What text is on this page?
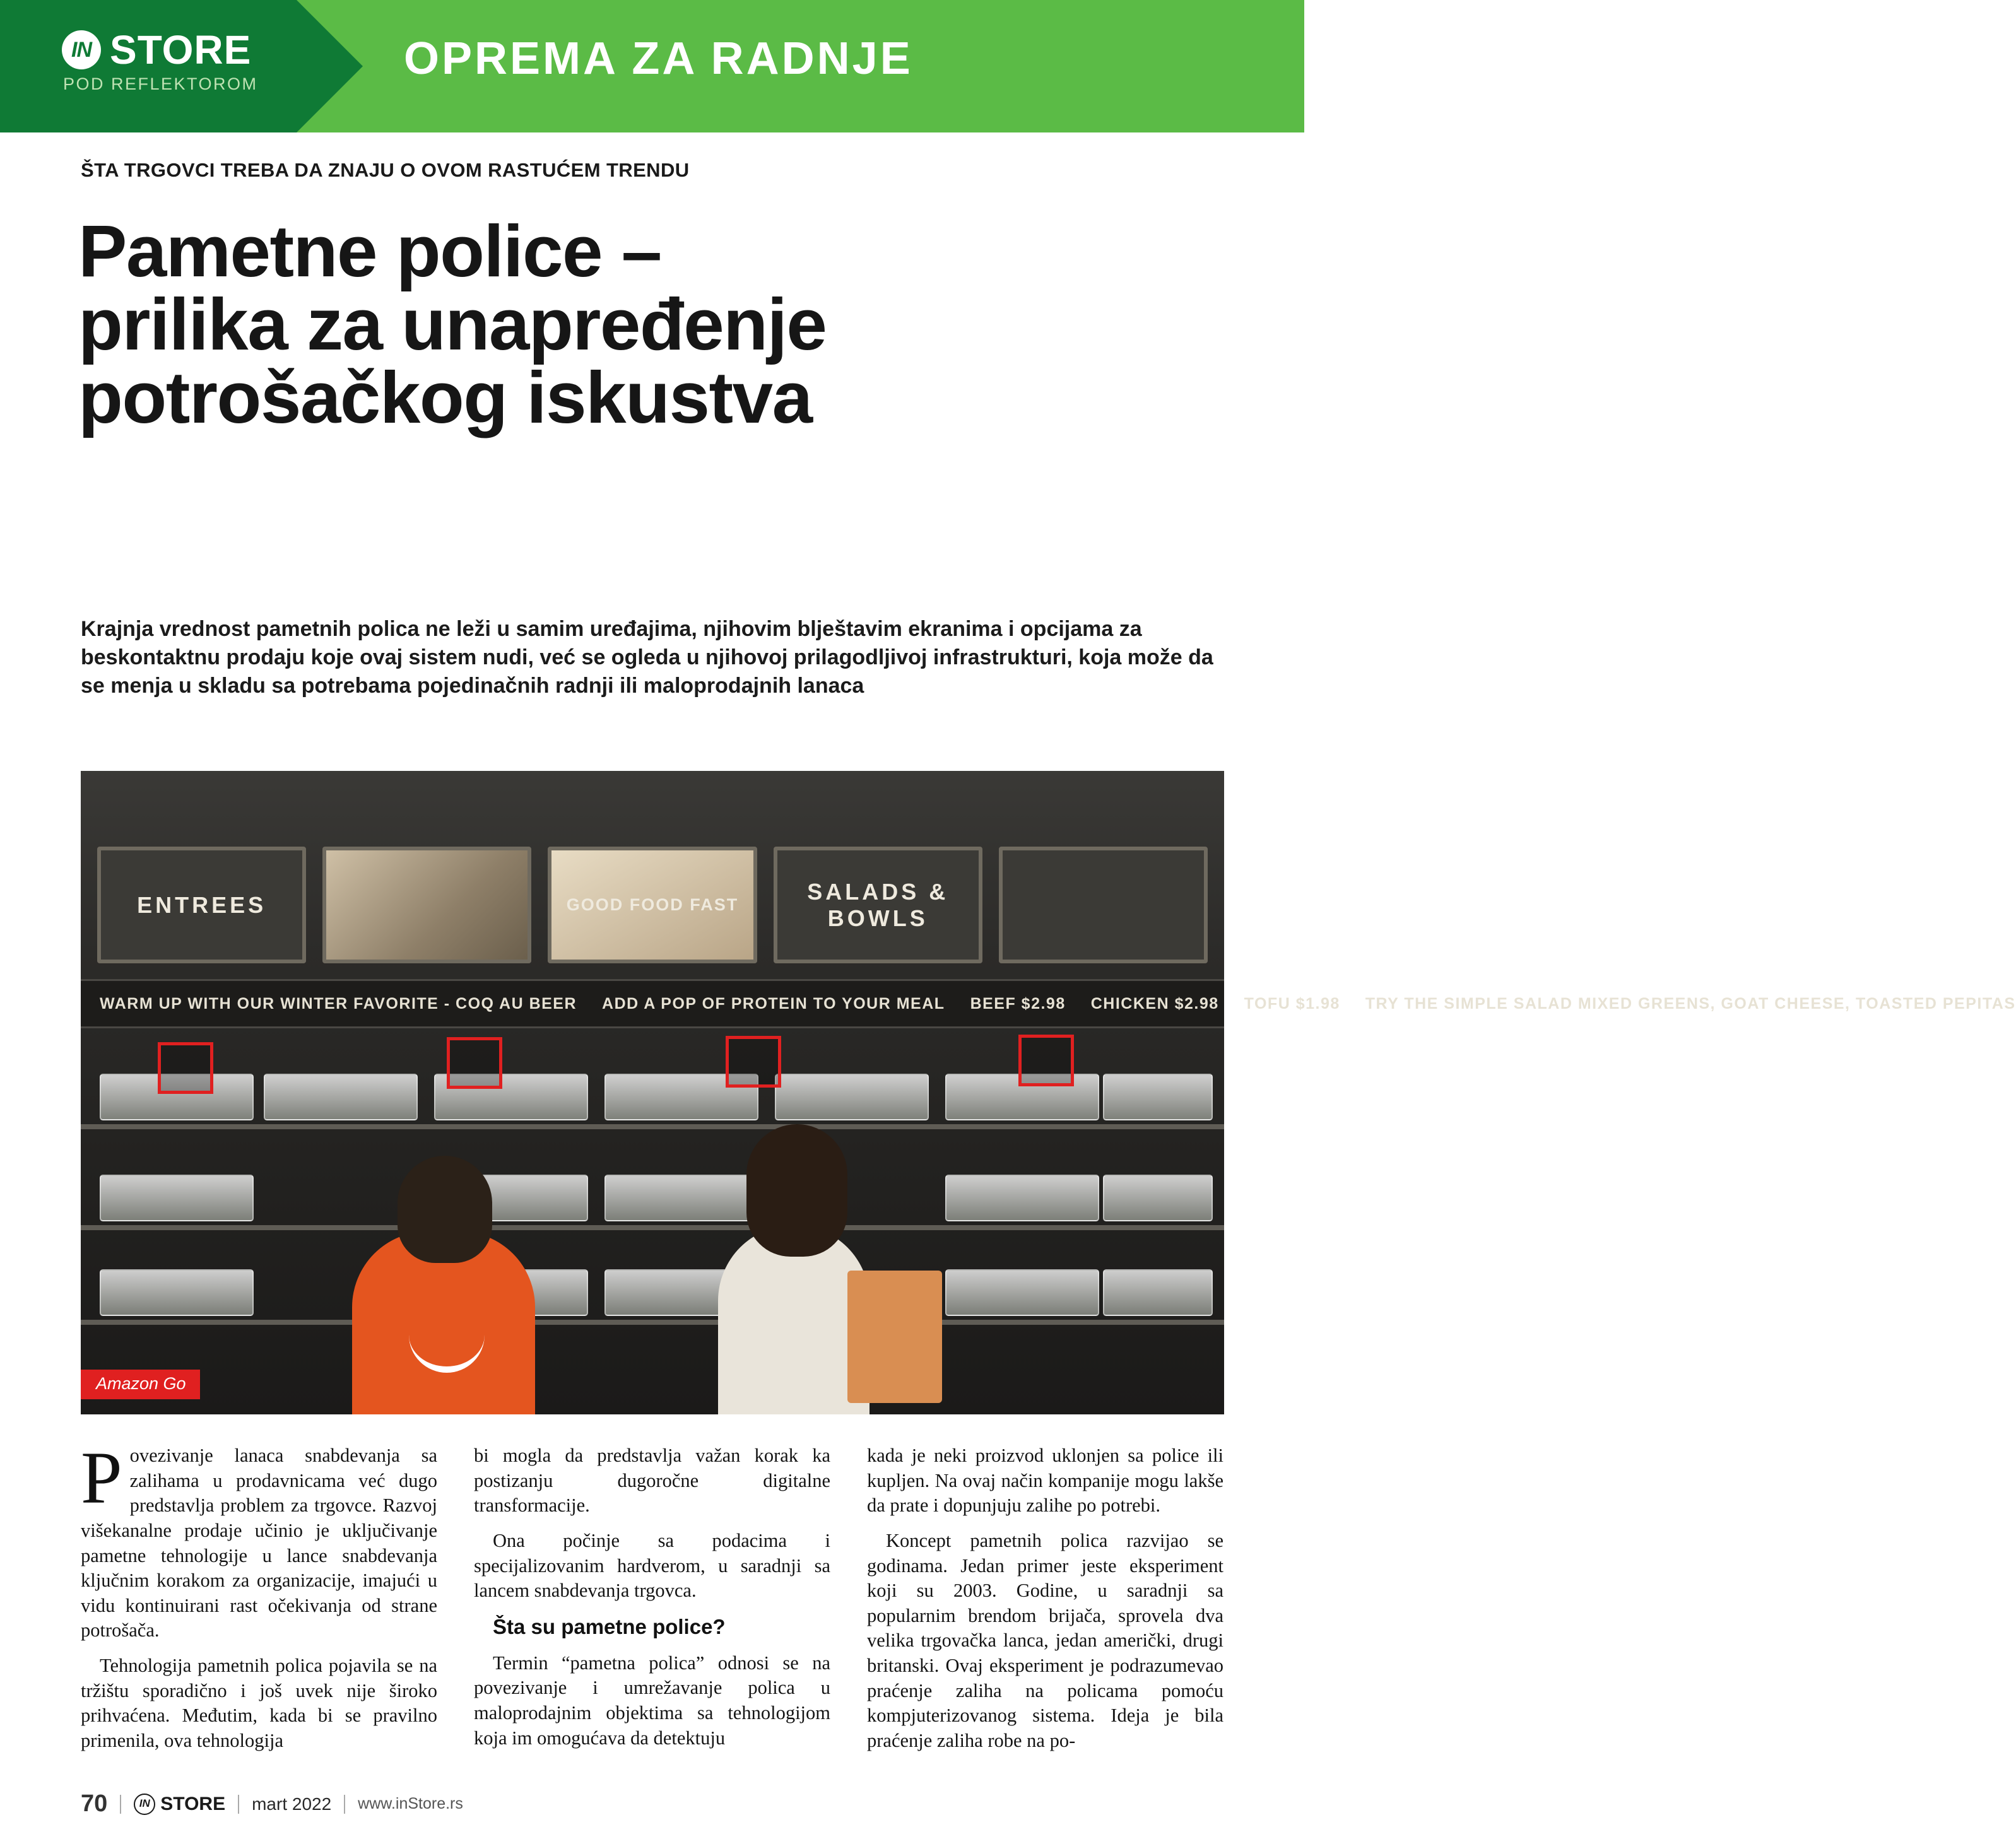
IN STORE
POD REFLEKTOROM	OPREMA ZA RADNJE
ŠTA TRGOVCI TREBA DA ZNAJU O OVOM RASTUĆEM TRENDU
Pametne police –
prilika za unapređenje
potrošačkog iskustva
Krajnja vrednost pametnih polica ne leži u samim uređajima, njihovim blještavim ekranima i opcijama za beskontaktnu prodaju koje ovaj sistem nudi, već se ogleda u njihovoj prilagodljivoj infrastrukturi, koja može da se menja u skladu sa potrebama pojedinačnih radnji ili maloprodajnih lanaca
ENTREES	GOOD FOOD FAST
SALADS & BOWLS
WARM UP WITH OUR WINTER FAVORITE - COQ AU BEER ADD A POP OF PROTEIN TO YOUR MEAL BEEF $2.98 CHICKEN $2.98 TOFU $1.98 TRY THE SIMPLE SALAD MIXED GREENS, GOAT CHEESE, TOASTED PEPITAS
Amazon Go

Povezivanje lanaca snabdevanja sa zalihama u prodavnicama već dugo predstavlja problem za trgovce. Razvoj višekanalne prodaje učinio je uključivanje pametne tehnologije u lance snabdevanja ključnim korakom za organizacije, imajući u vidu kontinuirani rast očekivanja od strane potrošača.

Tehnologija pametnih polica pojavila se na tržištu sporadično i još uvek nije široko prihvaćena. Međutim, kada bi se pravilno primenila, ova tehnologija

bi mogla da predstavlja važan korak ka postizanju dugoročne digitalne transformacije.

Ona počinje sa podacima i specijalizovanim hardverom, u saradnji sa lancem snabdevanja trgovca.

Šta su pametne police?

Termin “pametna polica” odnosi se na povezivanje i umrežavanje polica u maloprodajnim objektima sa tehnologijom koja im omogućava da detektuju

kada je neki proizvod uklonjen sa police ili kupljen. Na ovaj način kompanije mogu lakše da prate i dopunjuju zalihe po potrebi.

Koncept pametnih polica razvijao se godinama. Jedan primer jeste eksperiment koji su 2003. Godine, u saradnji sa popularnim brendom brijača, sprovela dva velika trgovačka lanca, jedan američki, drugi britanski. Ovaj eksperiment je podrazumevao praćenje zaliha na policama pomoću kompjuterizovanog sistema. Ideja je bila praćenje zaliha robe na po-

70	IN STORE mart 2022 www.inStore.rs
